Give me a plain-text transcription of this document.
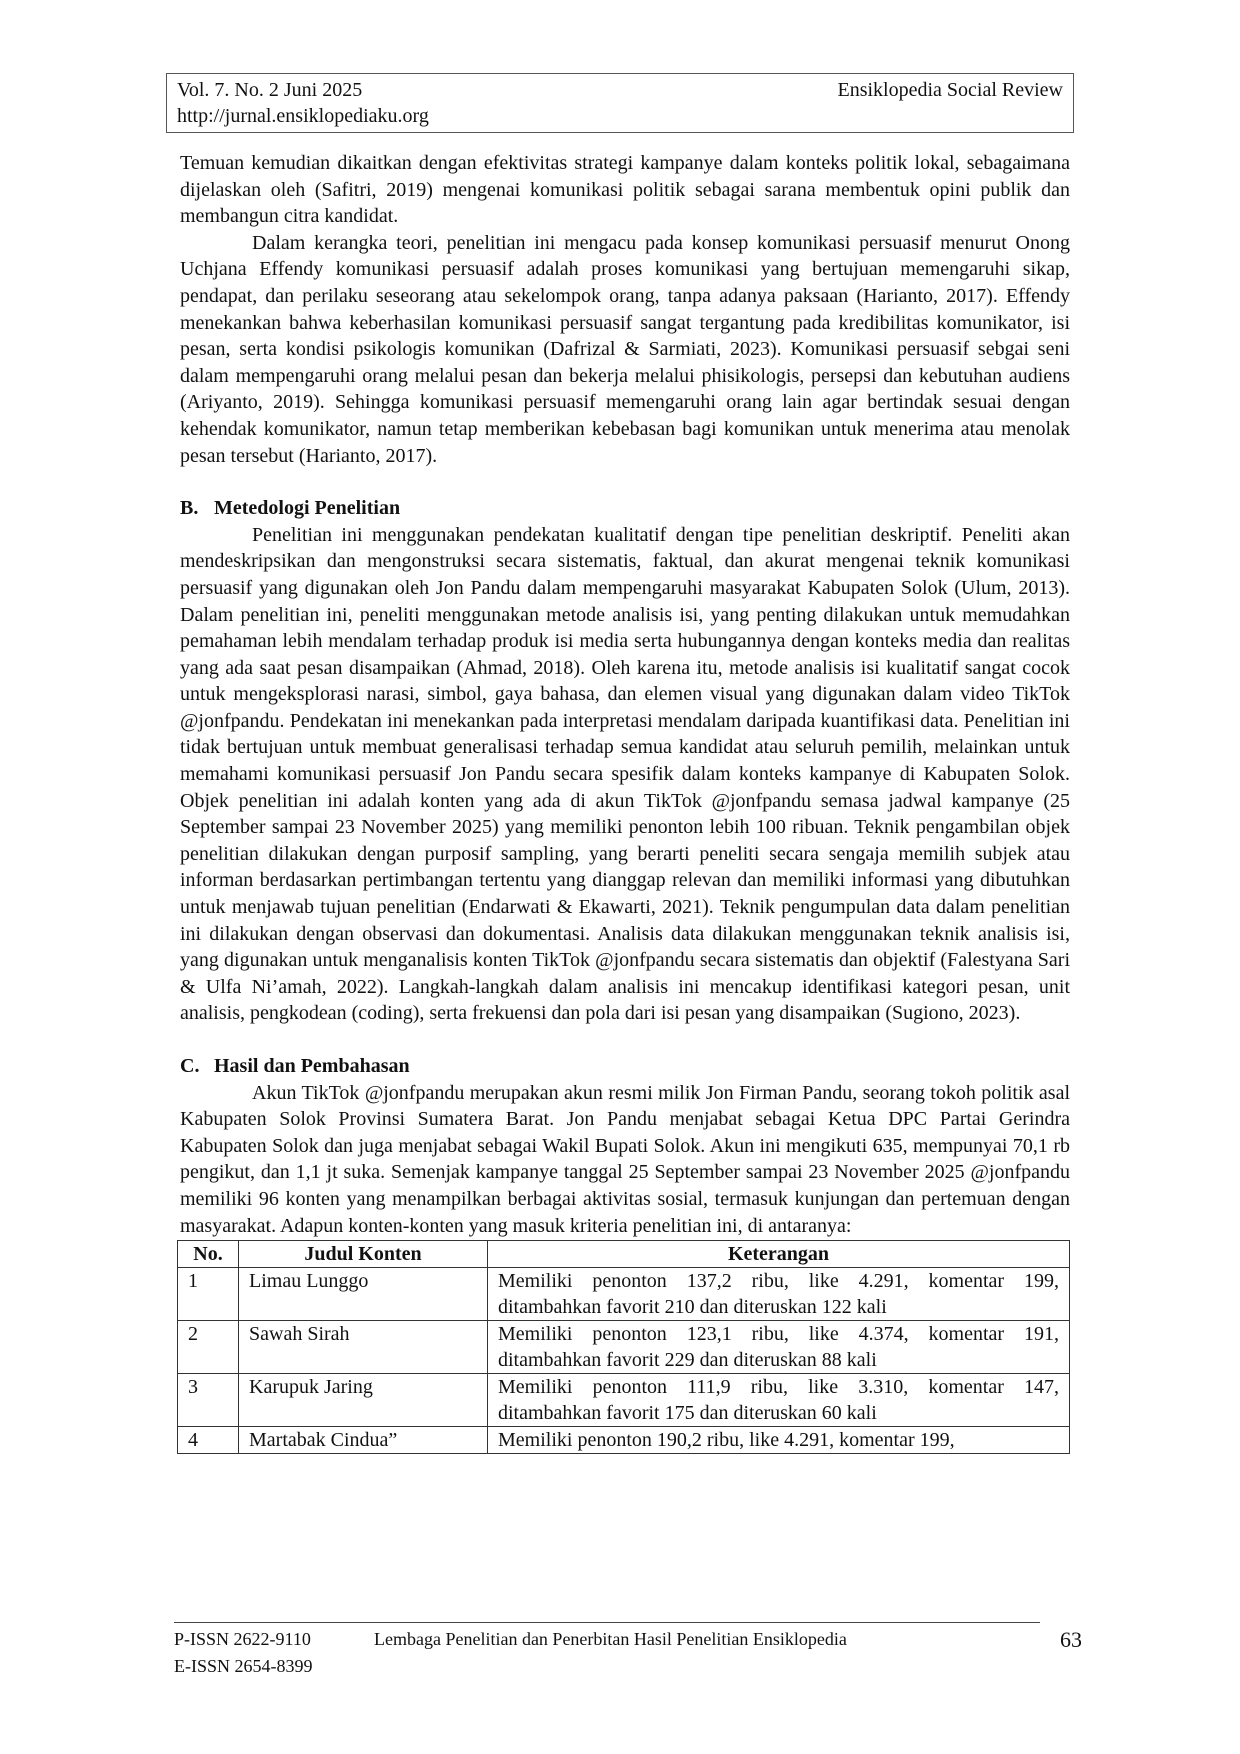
Vol. 7. No. 2 Juni 2025	Ensiklopedia Social Review
http://jurnal.ensiklopediaku.org

Temuan kemudian dikaitkan dengan efektivitas strategi kampanye dalam konteks politik lokal, sebagaimana dijelaskan oleh (Safitri, 2019) mengenai komunikasi politik sebagai sarana membentuk opini publik dan membangun citra kandidat.

Dalam kerangka teori, penelitian ini mengacu pada konsep komunikasi persuasif menurut Onong Uchjana Effendy komunikasi persuasif adalah proses komunikasi yang bertujuan memengaruhi sikap, pendapat, dan perilaku seseorang atau sekelompok orang, tanpa adanya paksaan (Harianto, 2017). Effendy menekankan bahwa keberhasilan komunikasi persuasif sangat tergantung pada kredibilitas komunikator, isi pesan, serta kondisi psikologis komunikan (Dafrizal & Sarmiati, 2023). Komunikasi persuasif sebgai seni dalam mempengaruhi orang melalui pesan dan bekerja melalui phisikologis, persepsi dan kebutuhan audiens (Ariyanto, 2019). Sehingga komunikasi persuasif memengaruhi orang lain agar bertindak sesuai dengan kehendak komunikator, namun tetap memberikan kebebasan bagi komunikan untuk menerima atau menolak pesan tersebut (Harianto, 2017).

B. Metedologi Penelitian

Penelitian ini menggunakan pendekatan kualitatif dengan tipe penelitian deskriptif. Peneliti akan mendeskripsikan dan mengonstruksi secara sistematis, faktual, dan akurat mengenai teknik komunikasi persuasif yang digunakan oleh Jon Pandu dalam mempengaruhi masyarakat Kabupaten Solok (Ulum, 2013). Dalam penelitian ini, peneliti menggunakan metode analisis isi, yang penting dilakukan untuk memudahkan pemahaman lebih mendalam terhadap produk isi media serta hubungannya dengan konteks media dan realitas yang ada saat pesan disampaikan (Ahmad, 2018). Oleh karena itu, metode analisis isi kualitatif sangat cocok untuk mengeksplorasi narasi, simbol, gaya bahasa, dan elemen visual yang digunakan dalam video TikTok @jonfpandu. Pendekatan ini menekankan pada interpretasi mendalam daripada kuantifikasi data. Penelitian ini tidak bertujuan untuk membuat generalisasi terhadap semua kandidat atau seluruh pemilih, melainkan untuk memahami komunikasi persuasif Jon Pandu secara spesifik dalam konteks kampanye di Kabupaten Solok. Objek penelitian ini adalah konten yang ada di akun TikTok @jonfpandu semasa jadwal kampanye (25 September sampai 23 November 2025) yang memiliki penonton lebih 100 ribuan. Teknik pengambilan objek penelitian dilakukan dengan purposif sampling, yang berarti peneliti secara sengaja memilih subjek atau informan berdasarkan pertimbangan tertentu yang dianggap relevan dan memiliki informasi yang dibutuhkan untuk menjawab tujuan penelitian (Endarwati & Ekawarti, 2021). Teknik pengumpulan data dalam penelitian ini dilakukan dengan observasi dan dokumentasi. Analisis data dilakukan menggunakan teknik analisis isi, yang digunakan untuk menganalisis konten TikTok @jonfpandu secara sistematis dan objektif (Falestyana Sari & Ulfa Ni’amah, 2022). Langkah-langkah dalam analisis ini mencakup identifikasi kategori pesan, unit analisis, pengkodean (coding), serta frekuensi dan pola dari isi pesan yang disampaikan (Sugiono, 2023).

C. Hasil dan Pembahasan

Akun TikTok @jonfpandu merupakan akun resmi milik Jon Firman Pandu, seorang tokoh politik asal Kabupaten Solok Provinsi Sumatera Barat. Jon Pandu menjabat sebagai Ketua DPC Partai Gerindra Kabupaten Solok dan juga menjabat sebagai Wakil Bupati Solok. Akun ini mengikuti 635, mempunyai 70,1 rb pengikut, dan 1,1 jt suka. Semenjak kampanye tanggal 25 September sampai 23 November 2025 @jonfpandu memiliki 96 konten yang menampilkan berbagai aktivitas sosial, termasuk kunjungan dan pertemuan dengan masyarakat. Adapun konten-konten yang masuk kriteria penelitian ini, di antaranya:

No.	Judul Konten	Keterangan
1	Limau Lunggo	Memiliki penonton 137,2 ribu, like 4.291, komentar 199, ditambahkan favorit 210 dan diteruskan 122 kali
2	Sawah Sirah	Memiliki penonton 123,1 ribu, like 4.374, komentar 191, ditambahkan favorit 229 dan diteruskan 88 kali
3	Karupuk Jaring	Memiliki penonton 111,9 ribu, like 3.310, komentar 147, ditambahkan favorit 175 dan diteruskan 60 kali
4	Martabak Cindua”	Memiliki penonton 190,2 ribu, like 4.291, komentar 199,
P-ISSN 2622-9110	Lembaga Penelitian dan Penerbitan Hasil Penelitian Ensiklopedia
E-ISSN 2654-8399
63
